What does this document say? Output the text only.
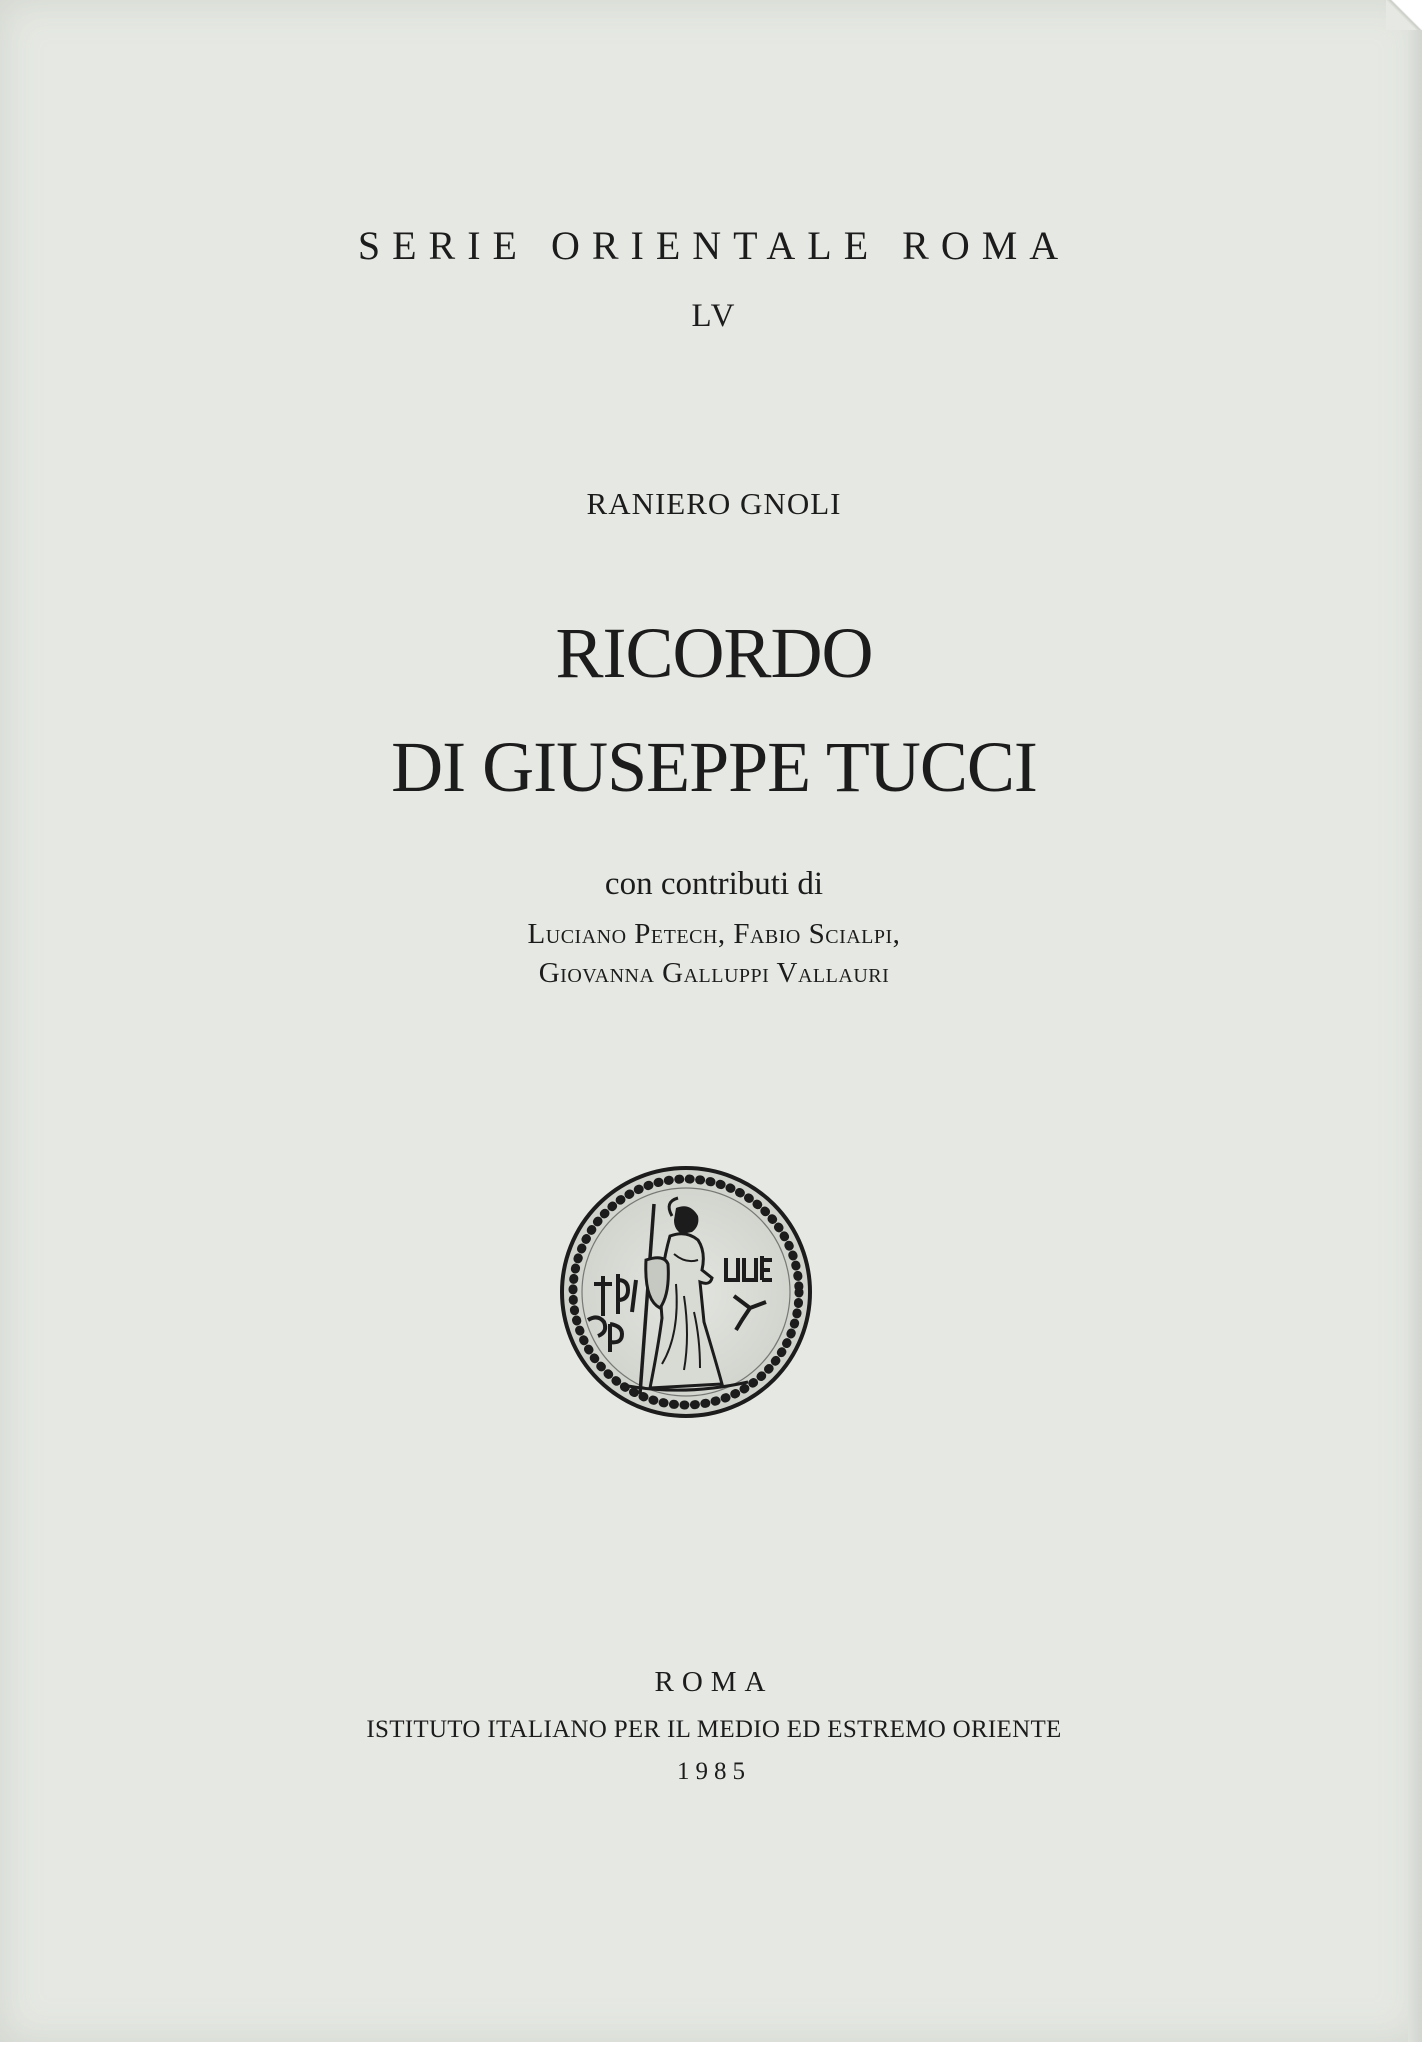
SERIE ORIENTALE ROMA
LV
RANIERO GNOLI
RICORDO
DI GIUSEPPE TUCCI
con contributi di
Luciano Petech, Fabio Scialpi,
Giovanna Galluppi Vallauri
ROMA
ISTITUTO ITALIANO PER IL MEDIO ED ESTREMO ORIENTE
1985
